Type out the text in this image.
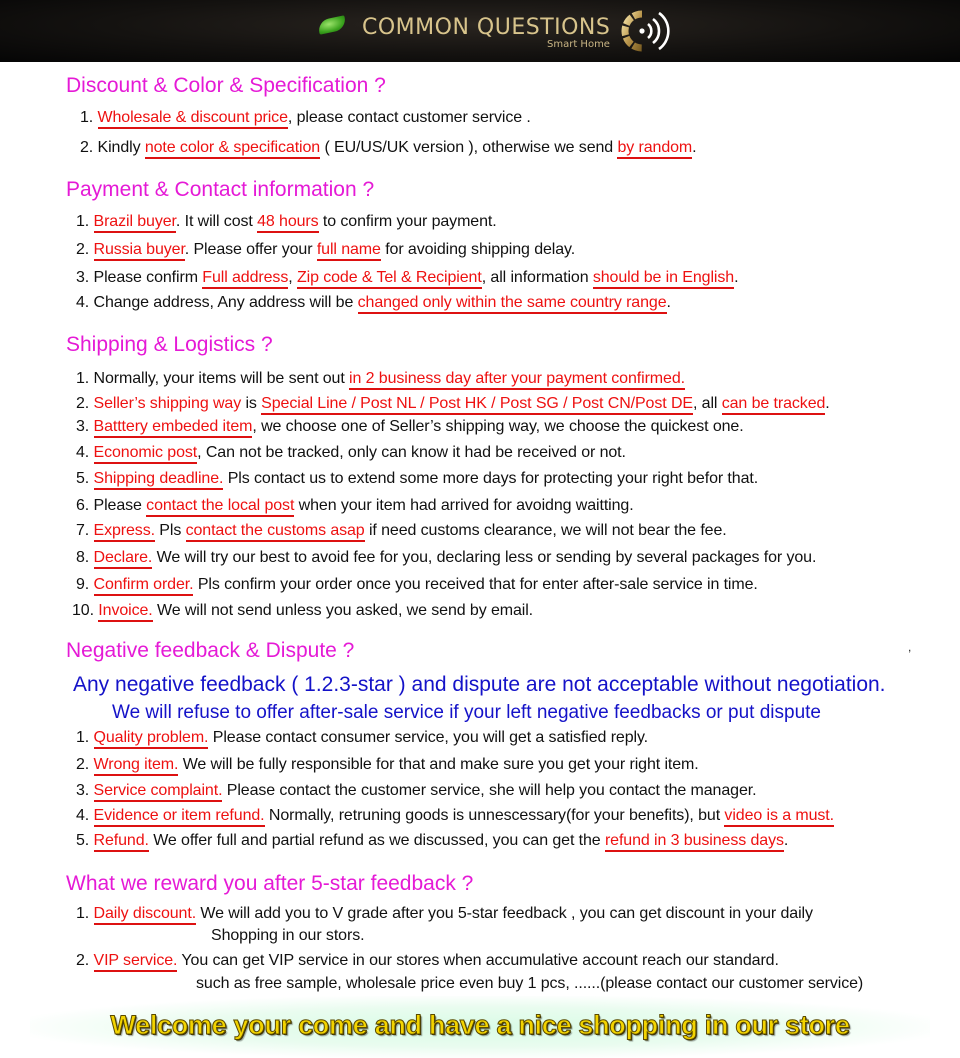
COMMON QUESTIONS
Smart Home
Discount & Color & Specification ?
1. Wholesale & discount price, please contact customer service .
2. Kindly note color & specification ( EU/US/UK version ), otherwise we send by random.
Payment & Contact information ?
1. Brazil buyer. It will cost 48 hours to confirm your payment.
2. Russia buyer. Please offer your full name for avoiding shipping delay.
3. Please confirm Full address, Zip code & Tel & Recipient, all information should be in English.
4. Change address, Any address will be changed only within the same country range.
Shipping & Logistics ?
1. Normally, your items will be sent out in 2 business day after your payment confirmed.
2. Seller’s shipping way is Special Line / Post NL / Post HK / Post SG / Post CN/Post DE, all can be tracked.
3. Batttery embeded item, we choose one of Seller’s shipping way, we choose the quickest one.
4. Economic post, Can not be tracked, only can know it had be received or not.
5. Shipping deadline. Pls contact us to extend some more days for protecting your right befor that.
6. Please contact the local post when your item had arrived for avoidng waitting.
7. Express. Pls contact the customs asap if need customs clearance, we will not bear the fee.
8. Declare. We will try our best to avoid fee for you, declaring less or sending by several packages for you.
9. Confirm order. Pls confirm your order once you received that for enter after-sale service in time.
10. Invoice. We will not send unless you asked, we send by email.
Negative feedback & Dispute ?	,
Any negative feedback ( 1.2.3-star ) and dispute are not acceptable without negotiation.
We will refuse to offer after-sale service if your left negative feedbacks or put dispute
1. Quality problem. Please contact consumer service, you will get a satisfied reply.
2. Wrong item. We will be fully responsible for that and make sure you get your right item.
3. Service complaint. Please contact the customer service, she will help you contact the manager.
4. Evidence or item refund. Normally, retruning goods is unnescessary(for your benefits), but video is a must.
5. Refund. We offer full and partial refund as we discussed, you can get the refund in 3 business days.
What we reward you after 5-star feedback ?
1. Daily discount. We will add you to V grade after you 5-star feedback , you can get discount in your daily
Shopping in our stors.
2. VIP service. You can get VIP service in our stores when accumulative account reach our standard.
such as free sample, wholesale price even buy 1 pcs, ......(please contact our customer service)
Welcome your come and have a nice shopping in our store
